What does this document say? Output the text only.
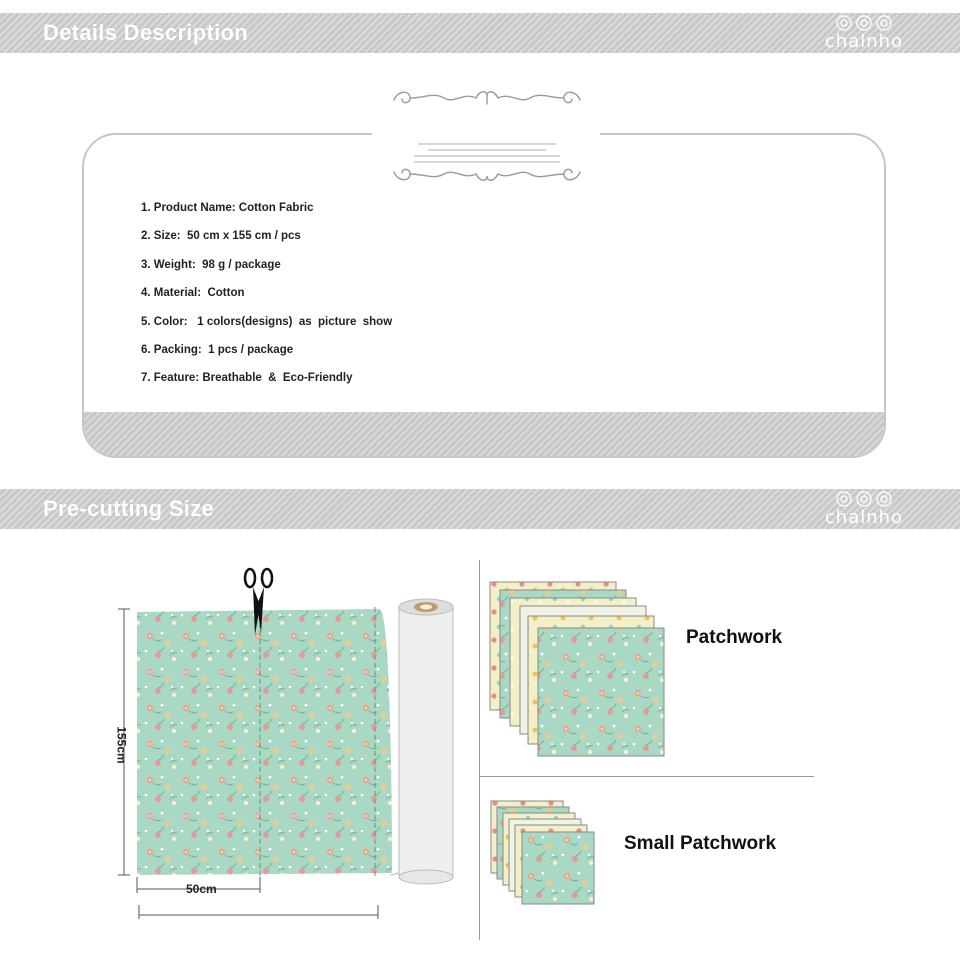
Details Description	chalnho
1. Product Name: Cotton Fabric
2. Size:  50 cm x 155 cm / pcs
3. Weight:  98 g / package
4. Material:  Cotton
5. Color:   1 colors(designs)  as  picture  show
6. Packing:  1 pcs / package
7. Feature: Breathable  &  Eco-Friendly
Pre-cutting Size	chalnho
155cm
50cm
Patchwork
Small Patchwork
